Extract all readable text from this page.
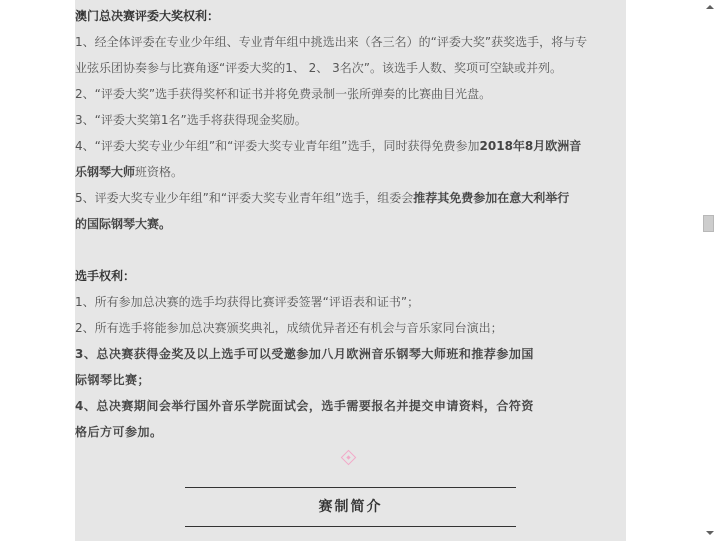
澳门总决赛评委大奖权利：
1、经全体评委在专业少年组、专业青年组中挑选出来（各三名）的“评委大奖”获奖选手，将与专
业弦乐团协奏参与比赛角逐“评委大奖的1、 2、 3名次”。该选手人数、奖项可空缺或并列。
2、“评委大奖”选手获得奖杯和证书并将免费录制一张所弹奏的比赛曲目光盘。
3、“评委大奖第1名”选手将获得现金奖励。
4、“评委大奖专业少年组”和“评委大奖专业青年组”选手，同时获得免费参加2018年8月欧洲音
乐钢琴大师班资格。
5、评委大奖专业少年组”和“评委大奖专业青年组”选手，组委会推荐其免费参加在意大利举行
的国际钢琴大赛。
选手权利：
1、所有参加总决赛的选手均获得比赛评委签署“评语表和证书”；
2、所有选手将能参加总决赛颁奖典礼，成绩优异者还有机会与音乐家同台演出；
3、总决赛获得金奖及以上选手可以受邀参加八月欧洲音乐钢琴大师班和推荐参加国
际钢琴比赛；
4、总决赛期间会举行国外音乐学院面试会，选手需要报名并提交申请资料，合符资
格后方可参加。
赛制简介
